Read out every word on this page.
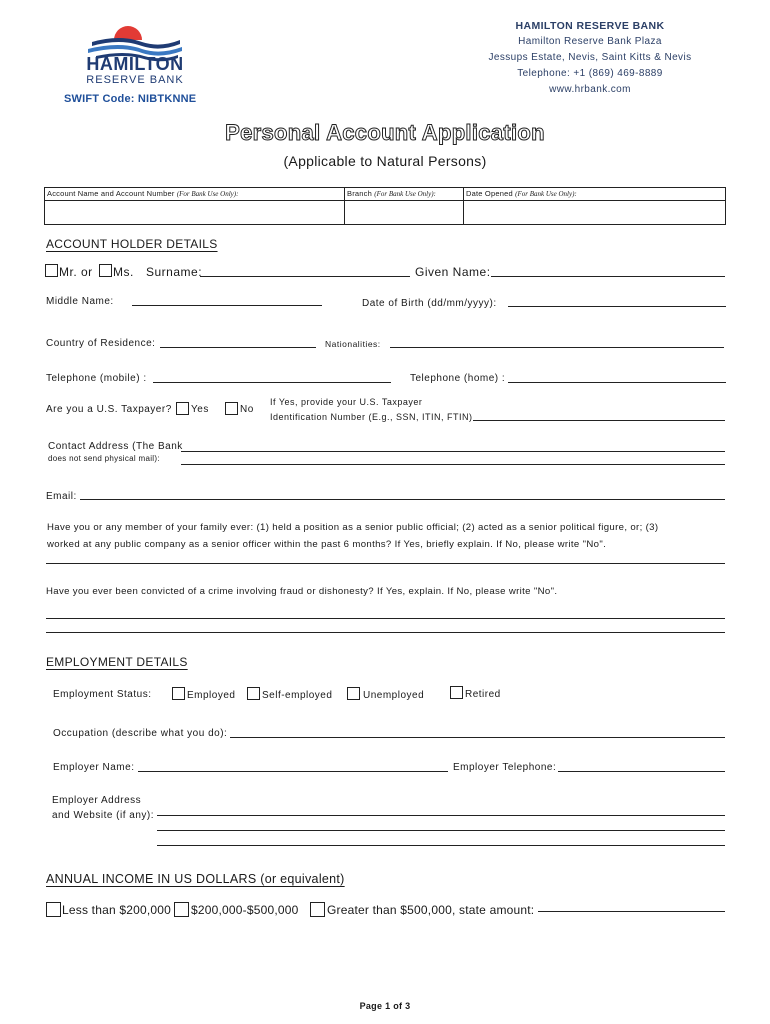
HAMILTON
RESERVE BANK
SWIFT Code: NIBTKNNE
HAMILTON RESERVE BANK
Hamilton Reserve Bank Plaza
Jessups Estate, Nevis, Saint Kitts & Nevis
Telephone: +1 (869) 469-8889
www.hrbank.com
Personal Account Application
(Applicable to Natural Persons)
Account Name and Account Number (For Bank Use Only):	Branch (For Bank Use Only):	Date Opened (For Bank Use Only):
ACCOUNT HOLDER DETAILS
Mr. or Ms. Surname:	Given Name:
Middle Name:	Date of Birth (dd/mm/yyyy):
Country of Residence:	Nationalities:
Telephone (mobile) :	Telephone (home) :
Are you a U.S. Taxpayer? Yes	No
If Yes, provide your U.S. Taxpayer
Identification Number (E.g., SSN, ITIN, FTIN)
Contact Address (The Bank
does not send physical mail):
Email:
Have you or any member of your family ever: (1) held a position as a senior public official; (2) acted as a senior political figure, or; (3)
worked at any public company as a senior officer within the past 6 months? If Yes, briefly explain. If No, please write "No".
Have you ever been convicted of a crime involving fraud or dishonesty? If Yes, explain. If No, please write "No".
EMPLOYMENT DETAILS
Employment Status:	Employed	Self-employed	Unemployed	Retired
Occupation (describe what you do):
Employer Name:	Employer Telephone:
Employer Address
and Website (if any):
ANNUAL INCOME IN US DOLLARS (or equivalent)
Less than $200,000 $200,000-$500,000 Greater than $500,000, state amount:
Page 1 of 3
